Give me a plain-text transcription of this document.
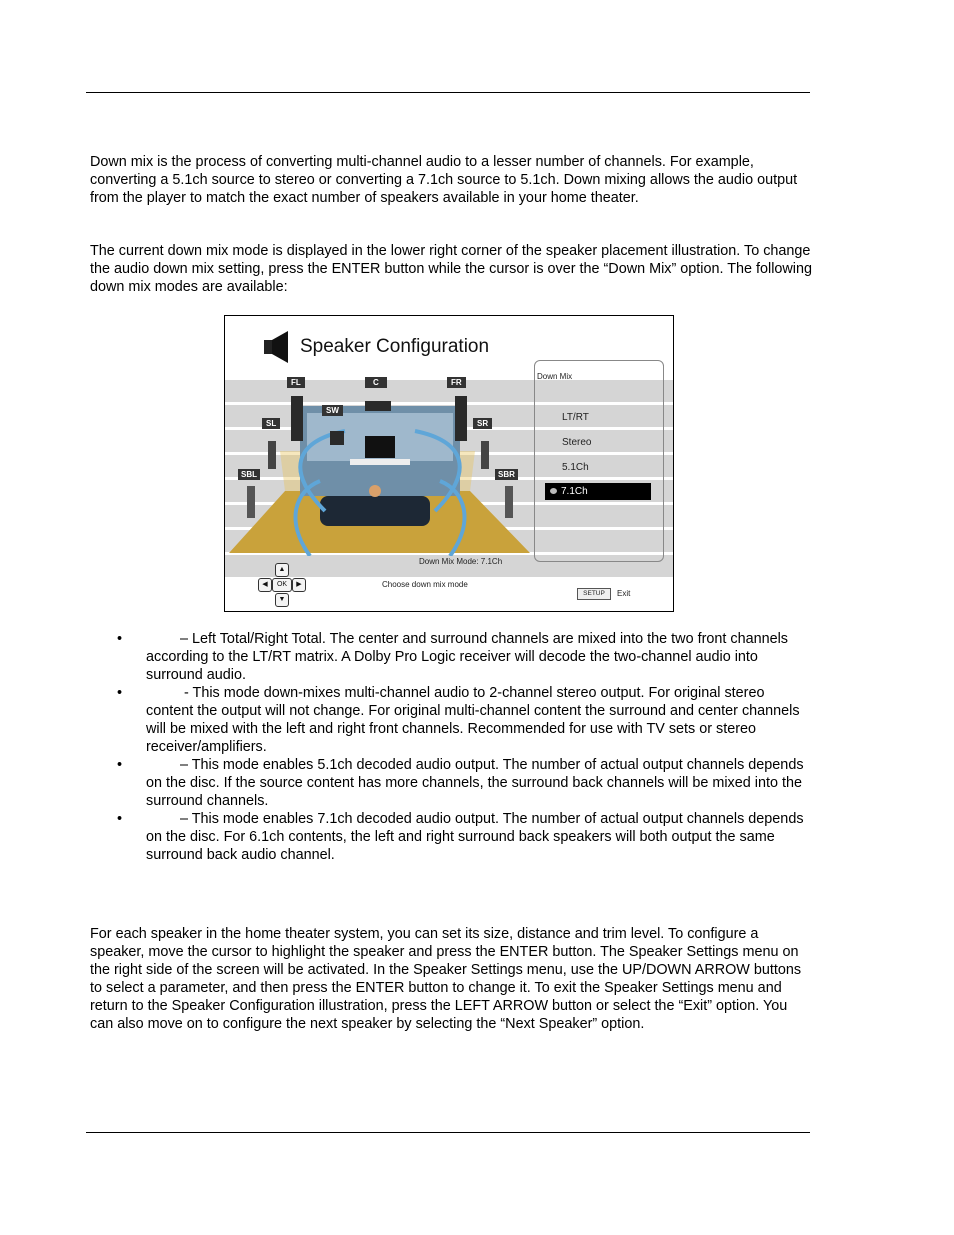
Down mix is the process of converting multi-channel audio to a lesser number of channels. For example, converting a 5.1ch source to stereo or converting a 7.1ch source to 5.1ch. Down mixing allows the audio output from the player to match the exact number of speakers available in your home theater.

The current down mix mode is displayed in the lower right corner of the speaker placement illustration. To change the audio down mix setting, press the ENTER button while the cursor is over the “Down Mix” option. The following down mix modes are available:

Speaker Configuration
FL	C	FR
SW
SL	SR
SBL	SBR
Down Mix
LT/RT
Stereo
5.1Ch
7.1Ch
Down Mix Mode: 7.1Ch
Choose down mix mode
SETUP	Exit
▲
◀	OK	▶
▼
•	– Left Total/Right Total. The center and surround channels are mixed into the two front channels according to the LT/RT matrix. A Dolby Pro Logic receiver will decode the two-channel audio into surround audio.
•	- This mode down-mixes multi-channel audio to 2-channel stereo output. For original stereo content the output will not change. For original multi-channel content the surround and center channels will be mixed with the left and right front channels. Recommended for use with TV sets or stereo receiver/amplifiers.
•	– This mode enables 5.1ch decoded audio output. The number of actual output channels depends on the disc. If the source content has more channels, the surround back channels will be mixed into the surround channels.
•	– This mode enables 7.1ch decoded audio output. The number of actual output channels depends on the disc. For 6.1ch contents, the left and right surround back speakers will both output the same surround back audio channel.

For each speaker in the home theater system, you can set its size, distance and trim level. To configure a speaker, move the cursor to highlight the speaker and press the ENTER button. The Speaker Settings menu on the right side of the screen will be activated. In the Speaker Settings menu, use the UP/DOWN ARROW buttons to select a parameter, and then press the ENTER button to change it. To exit the Speaker Settings menu and return to the Speaker Configuration illustration, press the LEFT ARROW button or select the “Exit” option. You can also move on to configure the next speaker by selecting the “Next Speaker” option.
